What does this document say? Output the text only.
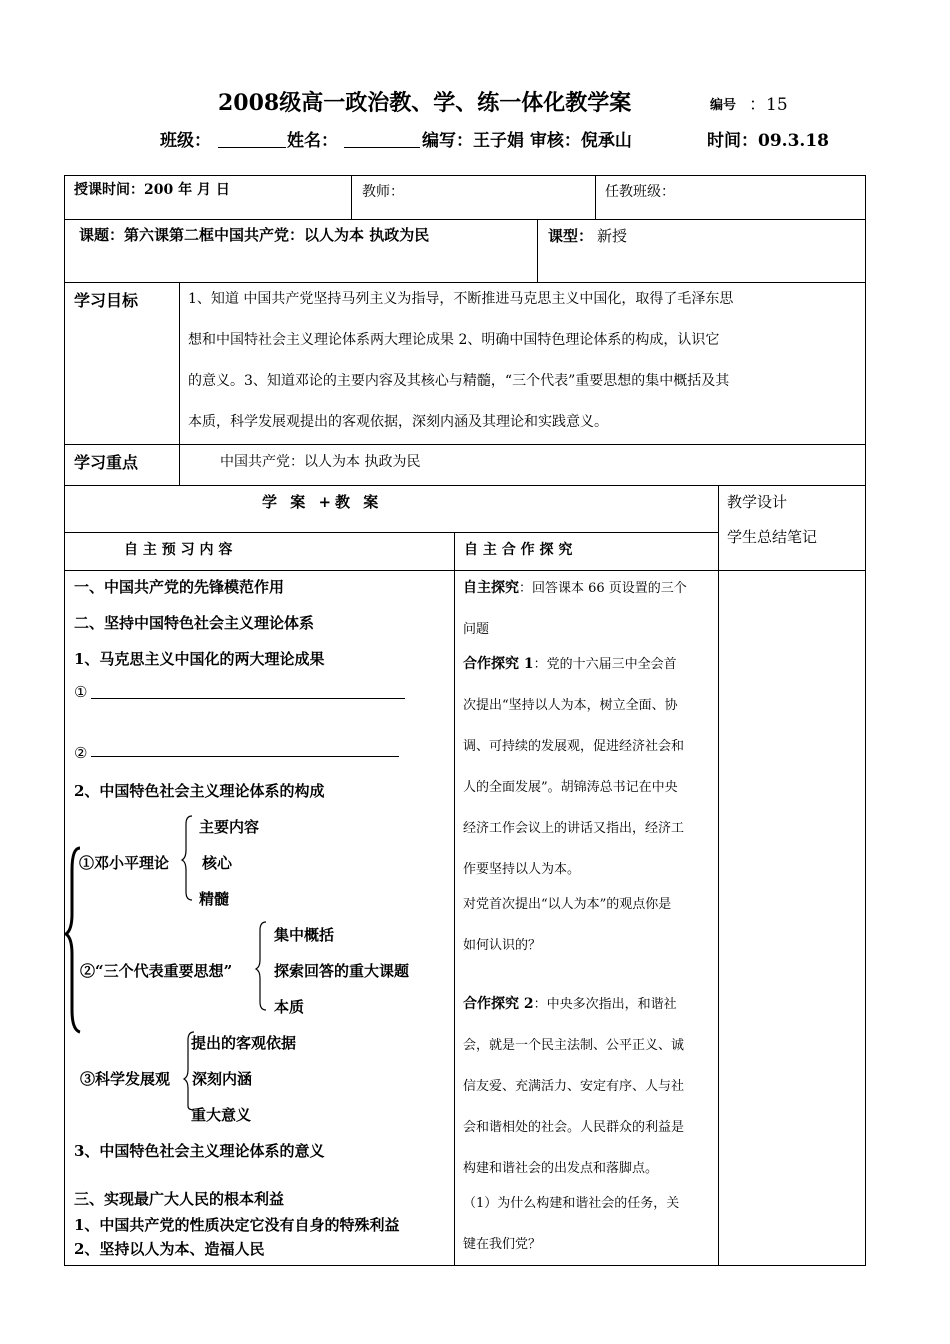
2008级高一政治教、学、练一体化教学案	编号 ：15
班级：	姓名：	编写：王子娟 审核：倪承山	时间：09.3.18
授课时间：200 年 月 日	教师：	任教班级：
课题：第六课第二框中国共产党：以人为本 执政为民	课型： 新授
学习目标	1、知道 中国共产党坚持马列主义为指导，不断推进马克思主义中国化，取得了毛泽东思
想和中国特社会主义理论体系两大理论成果 2、明确中国特色理论体系的构成，认识它
的意义。3、知道邓论的主要内容及其核心与精髓，“三个代表”重要思想的集中概括及其
本质，科学发展观提出的客观依据，深刻内涵及其理论和实践意义。
学习重点	中国共产党：以人为本 执政为民
学 案 +教 案	教学设计
学生总结笔记
自 主 预 习 内 容	自 主 合 作 探 究
一、中国共产党的先锋模范作用
二、坚持中国特色社会主义理论体系
1、马克思主义中国化的两大理论成果
①
②
2、中国特色社会主义理论体系的构成
主要内容
①邓小平理论 核心
精髓
集中概括
②“三个代表重要思想”	探索回答的重大课题
本质
提出的客观依据
③科学发展观 深刻内涵
重大意义
3、中国特色社会主义理论体系的意义
三、实现最广大人民的根本利益
1、中国共产党的性质决定它没有自身的特殊利益
2、坚持以人为本、造福人民
自主探究：回答课本 66 页设置的三个
问题
合作探究 1：党的十六届三中全会首
次提出“坚持以人为本，树立全面、协
调、可持续的发展观，促进经济社会和
人的全面发展”。胡锦涛总书记在中央
经济工作会议上的讲话又指出，经济工
作要坚持以人为本。
对党首次提出“以人为本”的观点你是
如何认识的？
合作探究 2：中央多次指出，和谐社
会，就是一个民主法制、公平正义、诚
信友爱、充满活力、安定有序、人与社
会和谐相处的社会。人民群众的利益是
构建和谐社会的出发点和落脚点。
（1）为什么构建和谐社会的任务，关
键在我们党？
